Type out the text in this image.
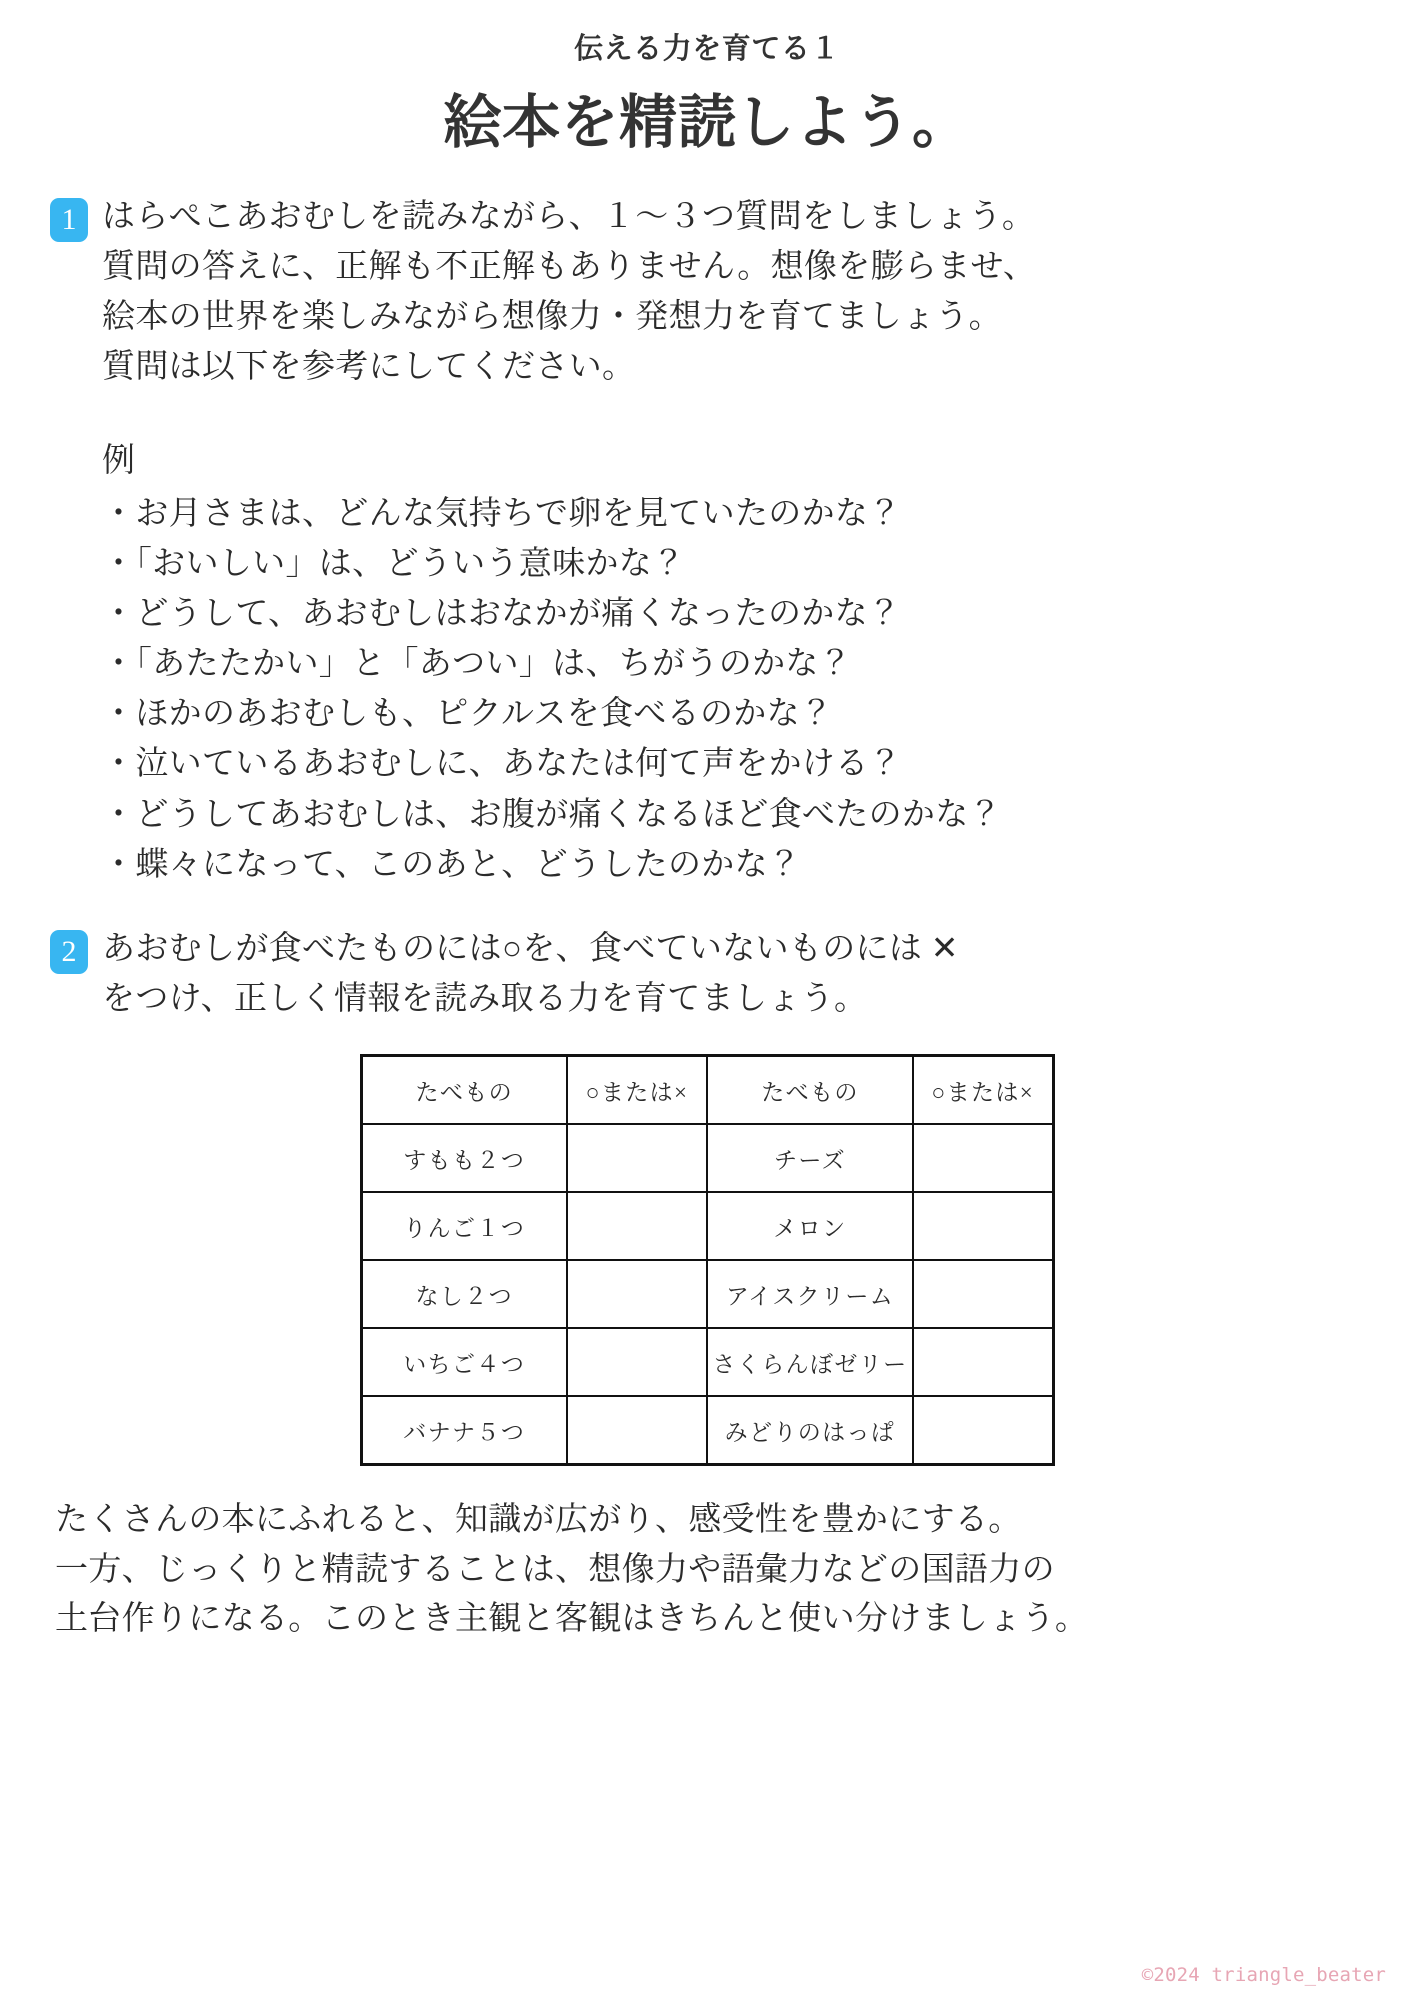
伝える力を育てる１
絵本を精読しよう。
1 はらぺこあおむしを読みながら、１〜３つ質問をしましょう。

質問の答えに、正解も不正解もありません。想像を膨らませ、

絵本の世界を楽しみながら想像力・発想力を育てましょう。

質問は以下を参考にしてください。

例

・お月さまは、どんな気持ちで卵を見ていたのかな？
・「おいしい」は、どういう意味かな？
・どうして、あおむしはおなかが痛くなったのかな？
・「あたたかい」と「あつい」は、ちがうのかな？
・ほかのあおむしも、ピクルスを食べるのかな？
・泣いているあおむしに、あなたは何て声をかける？
・どうしてあおむしは、お腹が痛くなるほど食べたのかな？
・蝶々になって、このあと、どうしたのかな？
2 あおむしが食べたものには○を、食べていないものには ✕

をつけ、正しく情報を読み取る力を育てましょう。

たべもの	○または×	たべもの	○または×
すもも２つ		チーズ	
りんご１つ		メロン	
なし２つ		アイスクリーム	
いちご４つ		さくらんぼゼリー	
バナナ５つ		みどりのはっぱ	

たくさんの本にふれると、知識が広がり、感受性を豊かにする。

一方、じっくりと精読することは、想像力や語彙力などの国語力の

土台作りになる。このとき主観と客観はきちんと使い分けましょう。

©2024 triangle_beater
